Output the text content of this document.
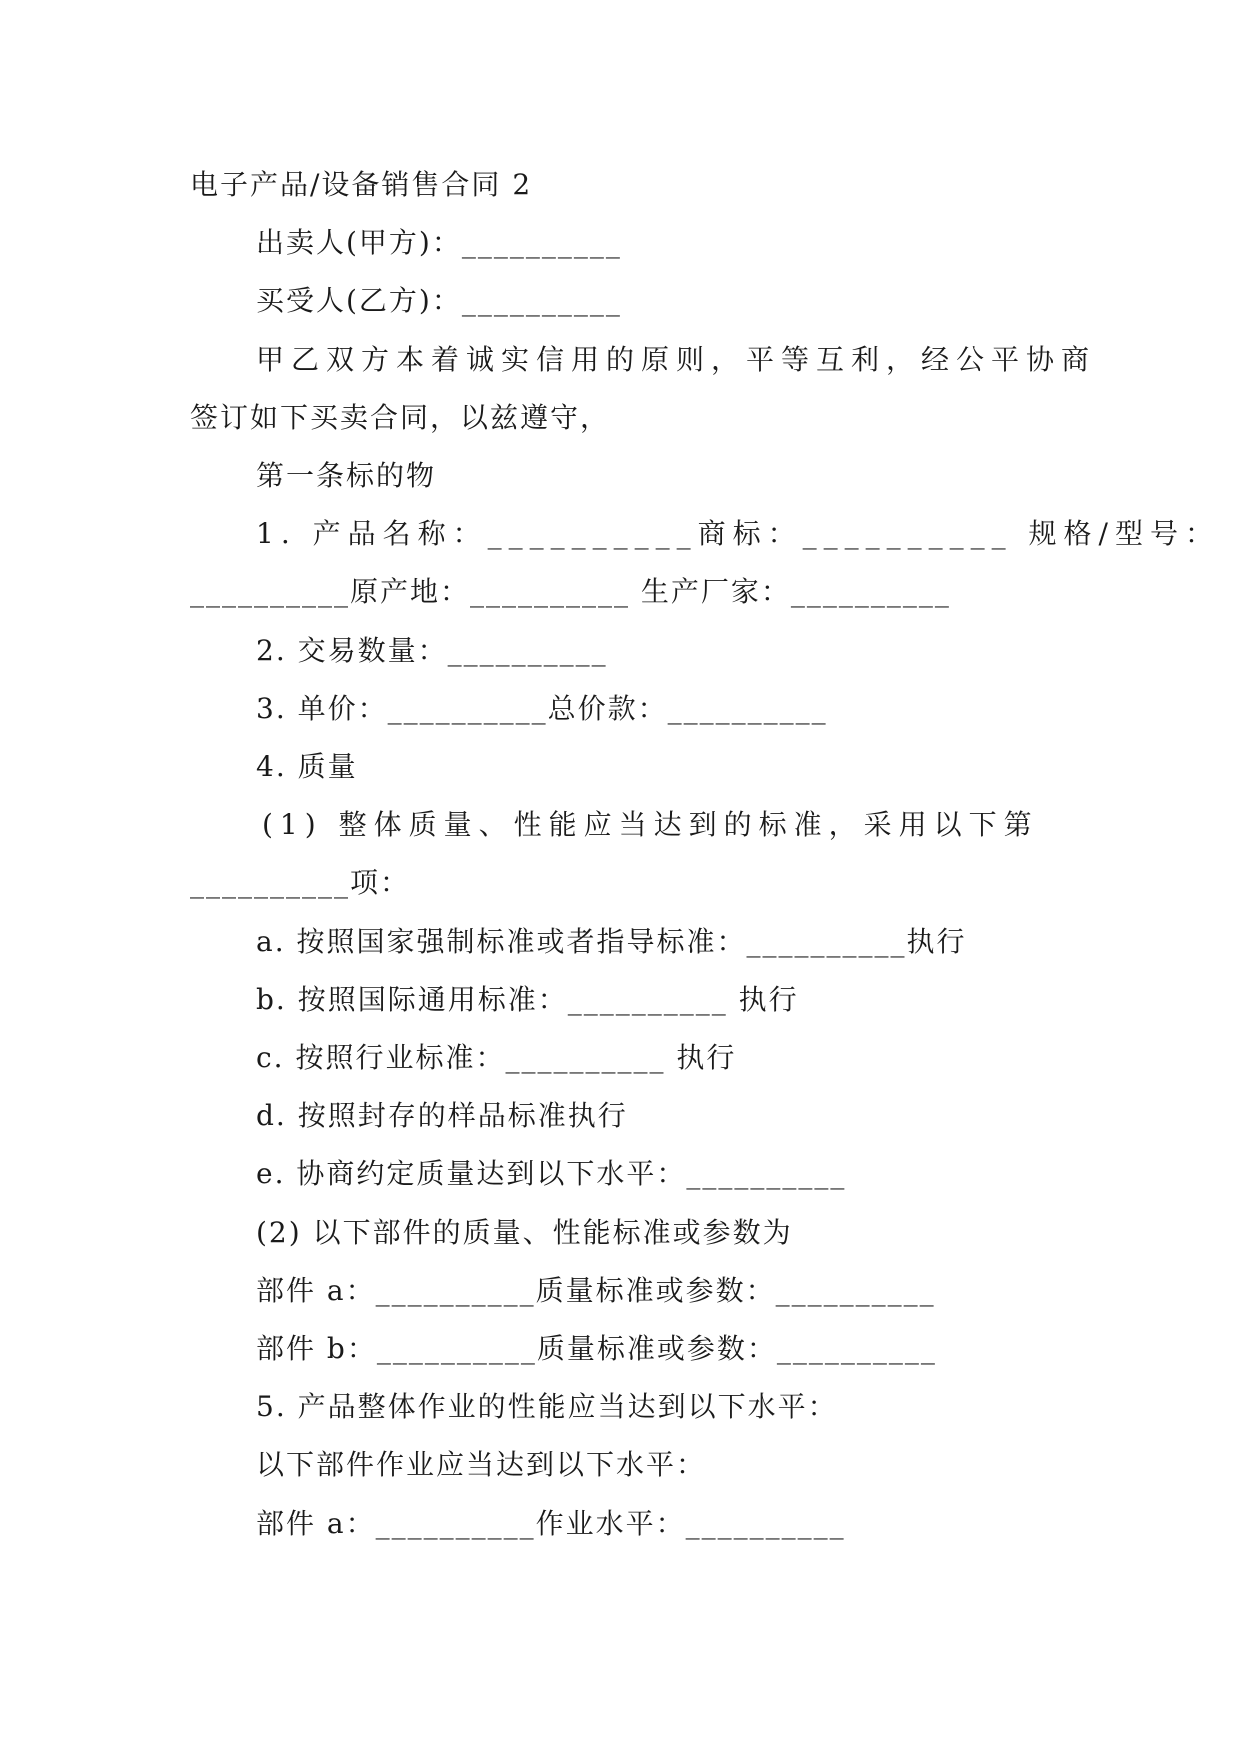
电子产品/设备销售合同 2
出卖人(甲方)：__________
买受人(乙方)：__________
甲乙双方本着诚实信用的原则，平等互利，经公平协商
签订如下买卖合同，以兹遵守，
第一条标的物
1. 产品名称：__________商标：__________ 规格/型号：
__________原产地：__________ 生产厂家：__________
2. 交易数量：__________
3. 单价：__________总价款：__________
4. 质量
(1) 整体质量、性能应当达到的标准，采用以下第
__________项：
a. 按照国家强制标准或者指导标准：__________执行
b. 按照国际通用标准：__________ 执行
c. 按照行业标准：__________ 执行
d. 按照封存的样品标准执行
e. 协商约定质量达到以下水平：__________
(2) 以下部件的质量、性能标准或参数为
部件 a：__________质量标准或参数：__________
部件 b：__________质量标准或参数：__________
5. 产品整体作业的性能应当达到以下水平：
以下部件作业应当达到以下水平：
部件 a：__________作业水平：__________
